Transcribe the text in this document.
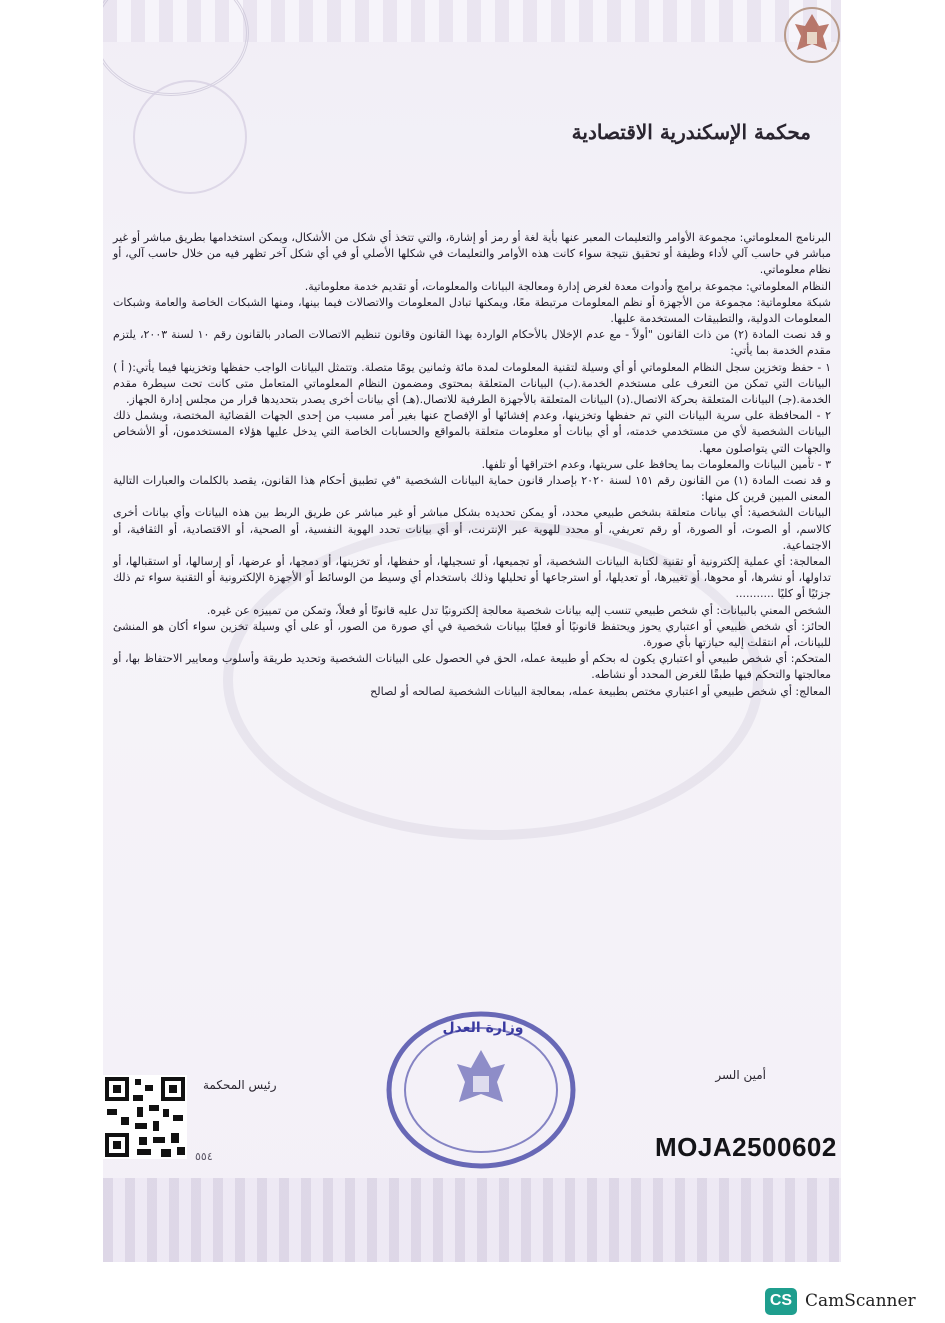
محكمة الإسكندرية الاقتصادية

البرنامج المعلوماتي: مجموعة الأوامر والتعليمات المعبر عنها بأية لغة أو رمز أو إشارة، والتي تتخذ أي شكل من الأشكال، ويمكن استخدامها بطريق مباشر أو غير مباشر في حاسب آلي لأداء وظيفة أو تحقيق نتيجة سواء كانت هذه الأوامر والتعليمات في شكلها الأصلي أو في أي شكل آخر تظهر فيه من خلال حاسب آلي، أو نظام معلوماتي.

النظام المعلوماتي: مجموعة برامج وأدوات معدة لغرض إدارة ومعالجة البيانات والمعلومات، أو تقديم خدمة معلوماتية.

شبكة معلوماتية: مجموعة من الأجهزة أو نظم المعلومات مرتبطة معًا، ويمكنها تبادل المعلومات والاتصالات فيما بينها، ومنها الشبكات الخاصة والعامة وشبكات المعلومات الدولية، والتطبيقات المستخدمة عليها.

و قد نصت المادة (٢) من ذات القانون "أولاً - مع عدم الإخلال بالأحكام الواردة بهذا القانون وقانون تنظيم الاتصالات الصادر بالقانون رقم ١٠ لسنة ٢٠٠٣، يلتزم مقدم الخدمة بما يأتي:

١ - حفظ وتخزين سجل النظام المعلوماتي أو أي وسيلة لتقنية المعلومات لمدة مائة وثمانين يومًا متصلة. وتتمثل البيانات الواجب حفظها وتخزينها فيما يأتي:( أ ) البيانات التي تمكن من التعرف على مستخدم الخدمة.(ب) البيانات المتعلقة بمحتوى ومضمون النظام المعلوماتي المتعامل متى كانت تحت سيطرة مقدم الخدمة.(جـ) البيانات المتعلقة بحركة الاتصال.(د) البيانات المتعلقة بالأجهزة الطرفية للاتصال.(هـ) أي بيانات أخرى يصدر بتحديدها قرار من مجلس إدارة الجهاز.

٢ - المحافظة على سرية البيانات التي تم حفظها وتخزينها، وعدم إفشائها أو الإفصاح عنها بغير أمر مسبب من إحدى الجهات القضائية المختصة، ويشمل ذلك البيانات الشخصية لأي من مستخدمي خدمته، أو أي بيانات أو معلومات متعلقة بالمواقع والحسابات الخاصة التي يدخل عليها هؤلاء المستخدمون، أو الأشخاص والجهات التي يتواصلون معها.

٣ - تأمين البيانات والمعلومات بما يحافظ على سريتها، وعدم اختراقها أو تلفها.

و قد نصت المادة (١) من القانون رقم ١٥١ لسنة ٢٠٢٠ بإصدار قانون حماية البيانات الشخصية "في تطبيق أحكام هذا القانون، يقصد بالكلمات والعبارات التالية المعنى المبين قرين كل منها:

البيانات الشخصية: أي بيانات متعلقة بشخص طبيعي محدد، أو يمكن تحديده بشكل مباشر أو غير مباشر عن طريق الربط بين هذه البيانات وأي بيانات أخرى كالاسم، أو الصوت، أو الصورة، أو رقم تعريفي، أو محدد للهوية عبر الإنترنت، أو أي بيانات تحدد الهوية النفسية، أو الصحية، أو الاقتصادية، أو الثقافية، أو الاجتماعية.

المعالجة: أي عملية إلكترونية أو تقنية لكتابة البيانات الشخصية، أو تجميعها، أو تسجيلها، أو حفظها، أو تخزينها، أو دمجها، أو عرضها، أو إرسالها، أو استقبالها، أو تداولها، أو نشرها، أو محوها، أو تغييرها، أو تعديلها، أو استرجاعها أو تحليلها وذلك باستخدام أي وسيط من الوسائط أو الأجهزة الإلكترونية أو التقنية سواء تم ذلك جزئيًا أو كليًا ...........

الشخص المعني بالبيانات: أي شخص طبيعي تنسب إليه بيانات شخصية معالجة إلكترونيًا تدل عليه قانونًا أو فعلاً، وتمكن من تمييزه عن غيره.

الحائز: أي شخص طبيعي أو اعتباري يحوز ويحتفظ قانونيًا أو فعليًا ببيانات شخصية في أي صورة من الصور، أو على أي وسيلة تخزين سواء أكان هو المنشئ للبيانات، أم انتقلت إليه حيازتها بأي صورة.

المتحكم: أي شخص طبيعي أو اعتباري يكون له بحكم أو طبيعة عمله، الحق في الحصول على البيانات الشخصية وتحديد طريقة وأسلوب ومعايير الاحتفاظ بها، أو معالجتها والتحكم فيها طبقًا للغرض المحدد أو نشاطه.

المعالج: أي شخص طبيعي أو اعتباري مختص بطبيعة عمله، بمعالجة البيانات الشخصية لصالحه أو لصالح

رئيس المحكمة
أمين السر
وزارة العدل
MOJA2500602
٥٥٤
CS CamScanner
